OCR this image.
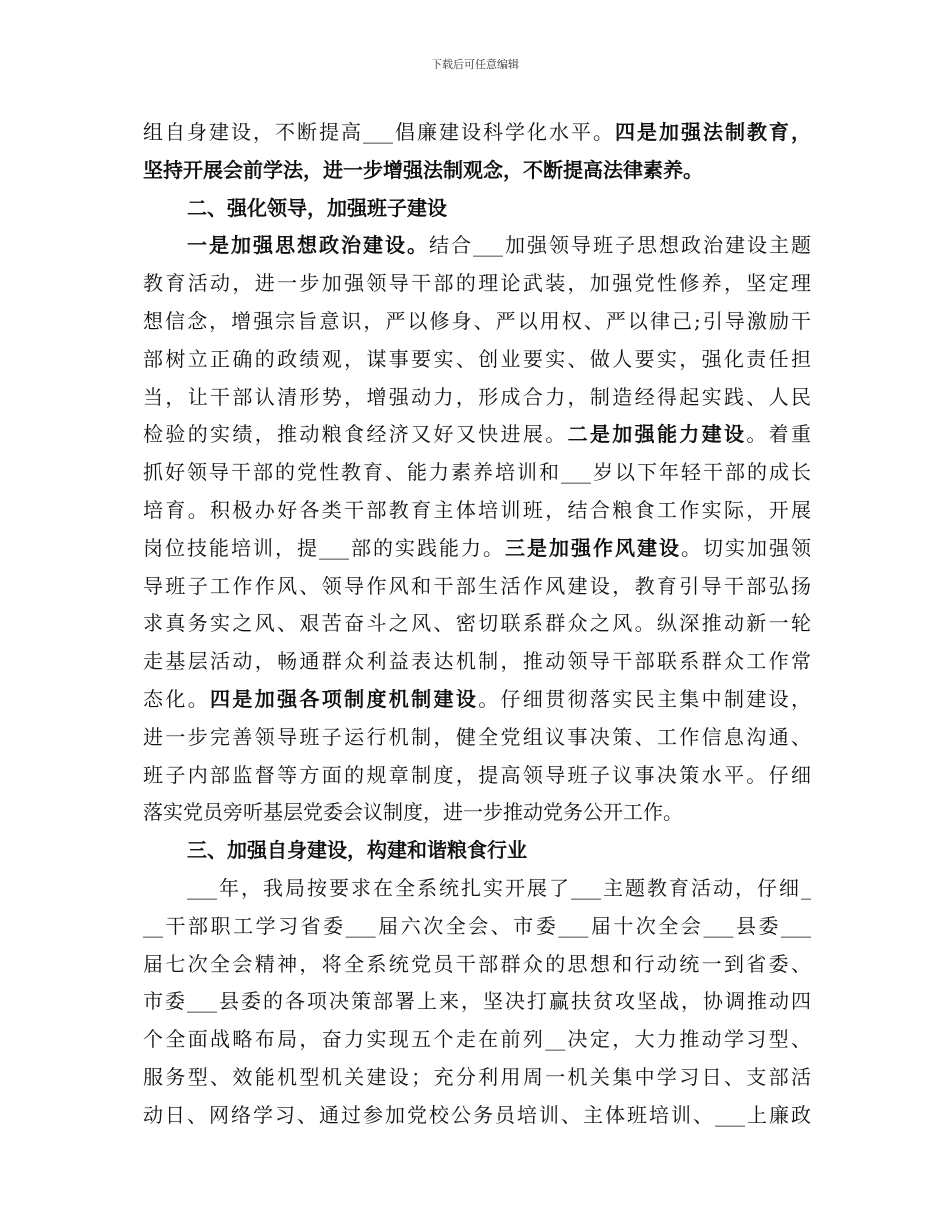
下载后可任意编辑
组自身建设，不断提高___倡廉建设科学化水平。四是加强法制教育，
坚持开展会前学法，进一步增强法制观念，不断提高法律素养。
二、强化领导，加强班子建设
一是加强思想政治建设。结合___加强领导班子思想政治建设主题
教育活动，进一步加强领导干部的理论武装，加强党性修养，坚定理
想信念，增强宗旨意识，严以修身、严以用权、严以律己;引导激励干
部树立正确的政绩观，谋事要实、创业要实、做人要实，强化责任担
当，让干部认清形势，增强动力，形成合力，制造经得起实践、人民
检验的实绩，推动粮食经济又好又快进展。二是加强能力建设。着重
抓好领导干部的党性教育、能力素养培训和___岁以下年轻干部的成长
培育。积极办好各类干部教育主体培训班，结合粮食工作实际，开展
岗位技能培训，提___部的实践能力。三是加强作风建设。切实加强领
导班子工作作风、领导作风和干部生活作风建设，教育引导干部弘扬
求真务实之风、艰苦奋斗之风、密切联系群众之风。纵深推动新一轮
走基层活动，畅通群众利益表达机制，推动领导干部联系群众工作常
态化。四是加强各项制度机制建设。仔细贯彻落实民主集中制建设，
进一步完善领导班子运行机制，健全党组议事决策、工作信息沟通、
班子内部监督等方面的规章制度，提高领导班子议事决策水平。仔细
落实党员旁听基层党委会议制度，进一步推动党务公开工作。
三、加强自身建设，构建和谐粮食行业
___年，我局按要求在全系统扎实开展了___主题教育活动，仔细_
__干部职工学习省委___届六次全会、市委___届十次全会___县委___
届七次全会精神，将全系统党员干部群众的思想和行动统一到省委、
市委___县委的各项决策部署上来，坚决打赢扶贫攻坚战，协调推动四
个全面战略布局，奋力实现五个走在前列__决定，大力推动学习型、
服务型、效能机型机关建设；充分利用周一机关集中学习日、支部活
动日、网络学习、通过参加党校公务员培训、主体班培训、___上廉政
